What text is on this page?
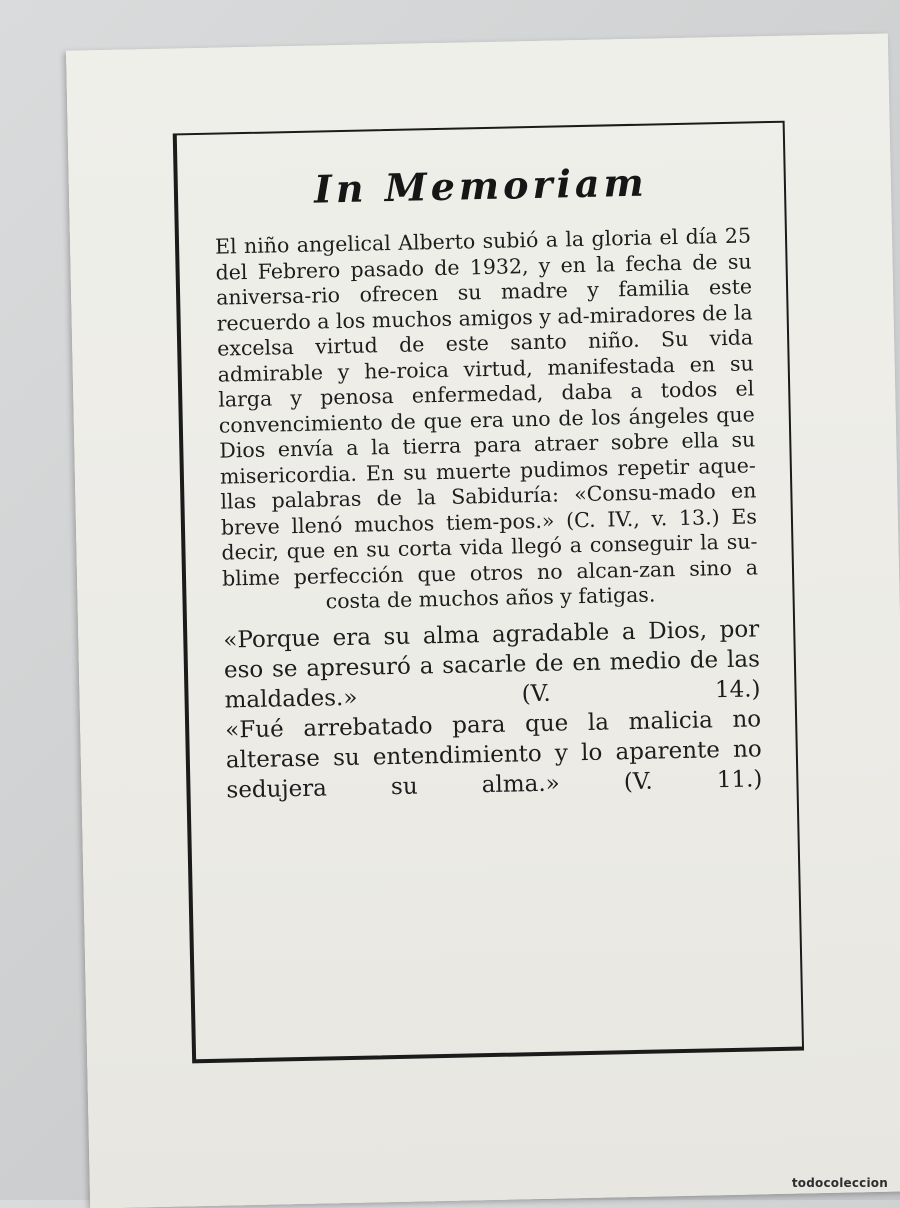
In Memoriam

El niño angelical Alberto subió a la gloria el día 25 del Febrero pasado de 1932, y en la fecha de su aniversa-rio ofrecen su madre y familia este recuerdo a los muchos amigos y ad-miradores de la excelsa virtud de este santo niño. Su vida admirable y he-roica virtud, manifestada en su larga y penosa enfermedad, daba a todos el convencimiento de que era uno de los ángeles que Dios envía a la tierra para atraer sobre ella su misericordia. En su muerte pudimos repetir aque-llas palabras de la Sabiduría: «Consu-mado en breve llenó muchos tiem-pos.» (C. IV., v. 13.) Es decir, que en su corta vida llegó a conseguir la su-blime perfección que otros no alcan-zan sino a costa de muchos años y fatigas.

«Porque era su alma agradable a Dios, por eso se apresuró a sacarle de en medio de las maldades.» (V. 14.)

«Fué arrebatado para que la malicia no alterase su entendimiento y lo aparente no sedujera su alma.» (V. 11.)

todocoleccion
